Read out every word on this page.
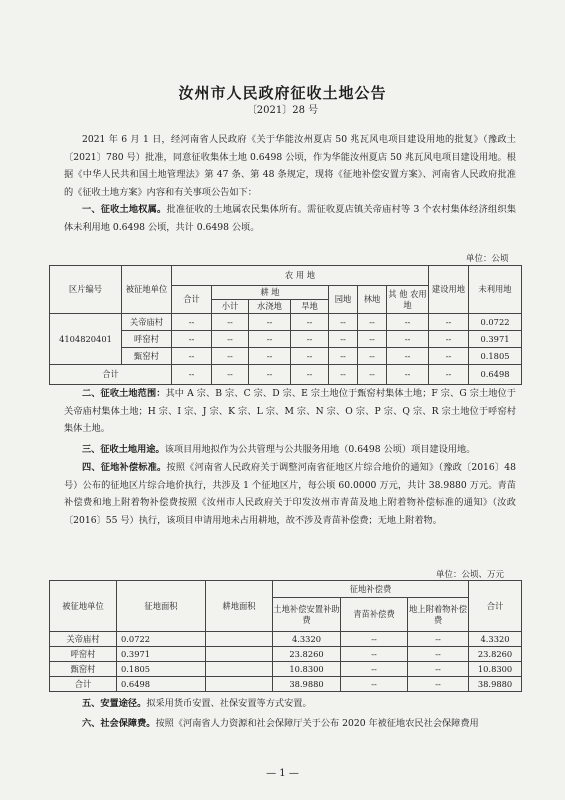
汝州市人民政府征收土地公告
〔2021〕28 号

2021 年 6 月 1 日，经河南省人民政府《关于华能汝州夏店 50 兆瓦风电项目建设用地的批复》（豫政土〔2021〕780 号）批准，同意征收集体土地 0.6498 公顷，作为华能汝州夏店 50 兆瓦风电项目建设用地。根据《中华人民共和国土地管理法》第 47 条、第 48 条规定，现将《征地补偿安置方案》、河南省人民政府批准的《征收土地方案》内容和有关事项公告如下：

一、征收土地权属。批准征收的土地属农民集体所有。需征收夏店镇关帝庙村等 3 个农村集体经济组织集体未利用地 0.6498 公顷，共计 0.6498 公顷。

单位：公顷
区片编号	被征地单位	农 用 地							建设用地	未利用地
		合计	耕 地			园地	林地	其 他 农用地		
			小计	水浇地	旱地					
4104820401	关帝庙村	--	--	--	--	--	--	--	--	0.0722
	呼窑村	--	--	--	--	--	--	--	--	0.3971
	甄窑村	--	--	--	--	--	--	--	--	0.1805
合计		--	--	--	--	--	--	--	--	0.6498

二、征收土地范围：其中 A 宗、B 宗、C 宗、D 宗、E 宗土地位于甄窑村集体土地；F 宗、G 宗土地位于关帝庙村集体土地；H 宗、I 宗、J 宗、K 宗、L 宗、M 宗、N 宗、O 宗、P 宗、Q 宗、R 宗土地位于呼窑村集体土地。

三、征收土地用途。该项目用地拟作为公共管理与公共服务用地（0.6498 公顷）项目建设用地。

四、征地补偿标准。按照《河南省人民政府关于调整河南省征地区片综合地价的通知》（豫政〔2016〕48 号）公布的征地区片综合地价执行，共涉及 1 个征地区片，每公顷 60.0000 万元，共计 38.9880 万元。青苗补偿费和地上附着物补偿费按照《汝州市人民政府关于印发汝州市青苗及地上附着物补偿标准的通知》（汝政〔2016〕55 号）执行，该项目申请用地未占用耕地，故不涉及青苗补偿费；无地上附着物。

单位：公顷、万元
被征地单位	征地面积	耕地面积	征地补偿费			合计
			土地补偿安置补助费	青苗补偿费	地上附着物补偿费	
关帝庙村	0.0722		4.3320	--	--	4.3320
呼窑村	0.3971		23.8260	--	--	23.8260
甄窑村	0.1805		10.8300	--	--	10.8300
合计	0.6498		38.9880	--	--	38.9880

五、安置途径。拟采用货币安置、社保安置等方式安置。

六、社会保障费。按照《河南省人力资源和社会保障厅关于公布 2020 年被征地农民社会保障费用

— 1 —
